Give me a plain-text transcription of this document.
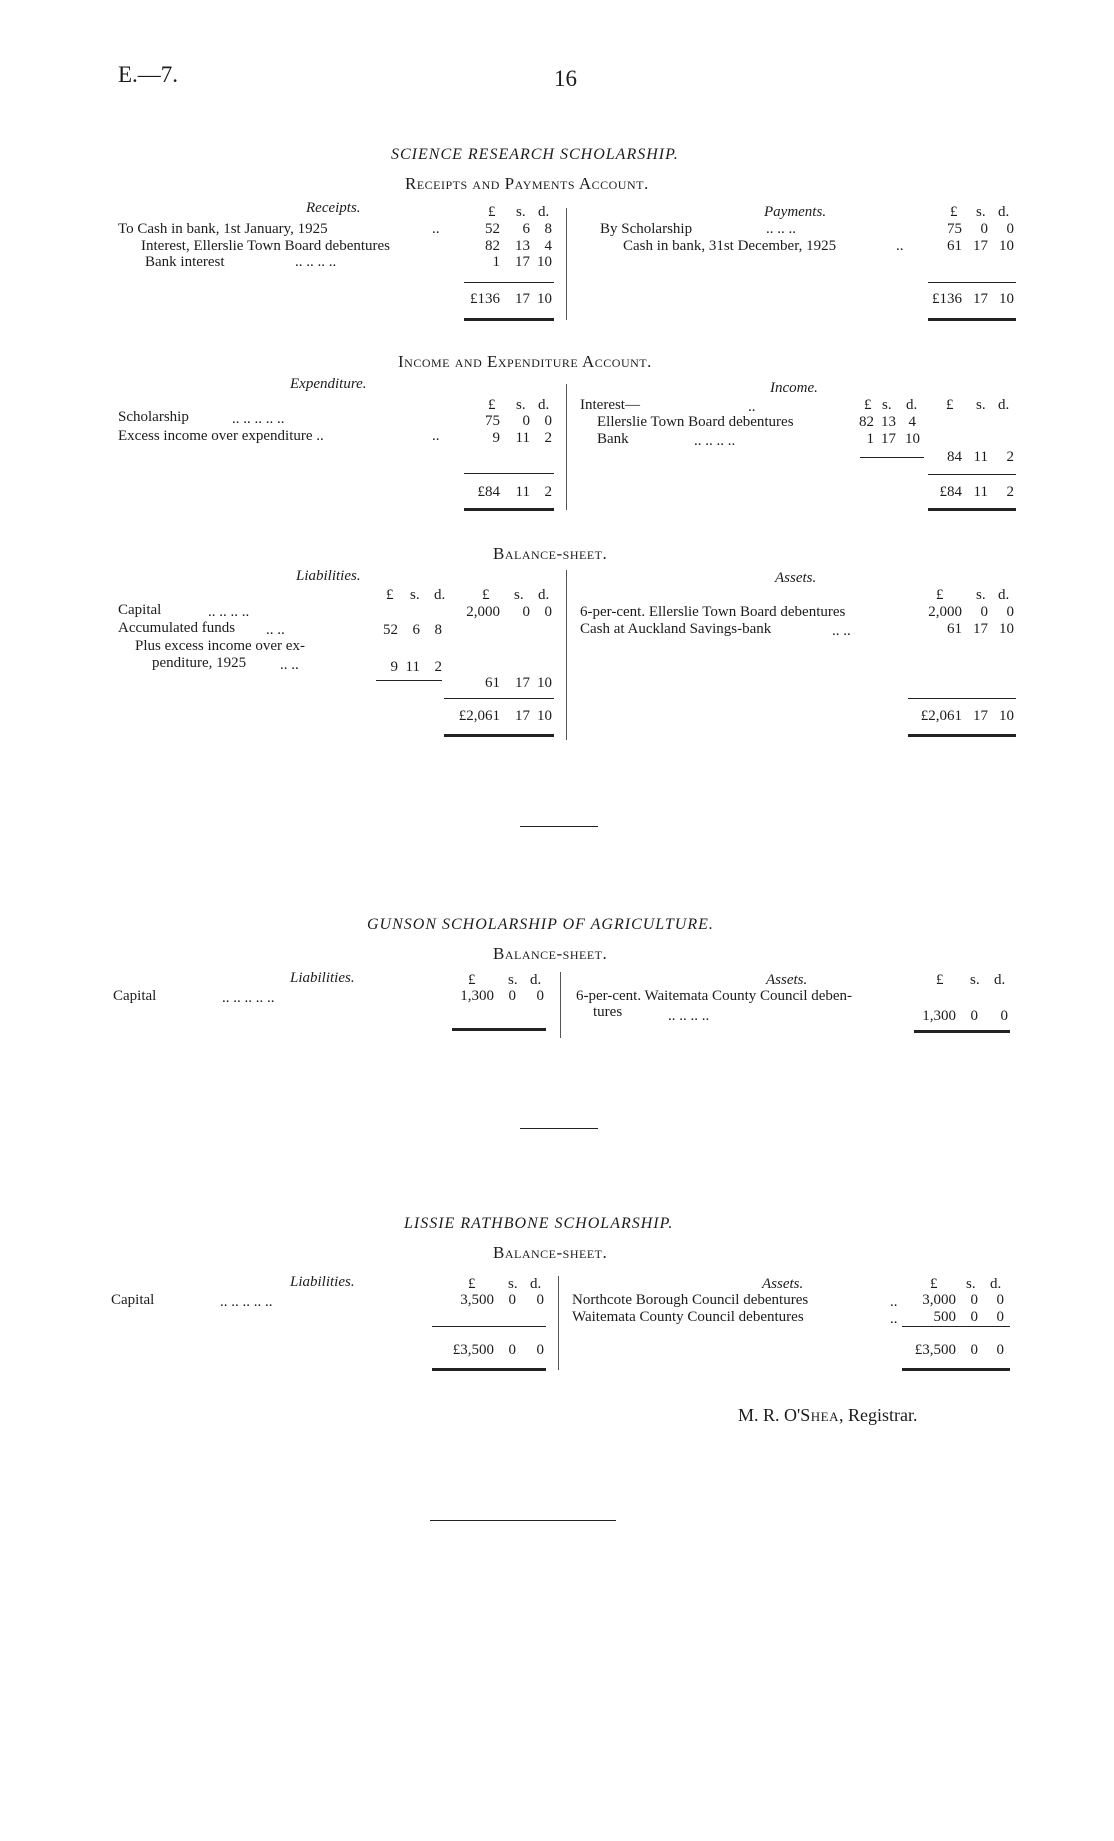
E.—7.	16
SCIENCE RESEARCH SCHOLARSHIP.
Receipts and Payments Account.
Receipts.	£ s. d.
To Cash in bank, 1st January, 1925	..	52	6 8
Interest, Ellerslie Town Board debentures	82	13 4
Bank interest	.. .. .. ..	1	17 10
£136	17 10
Payments.	£ s. d.
By Scholarship	.. .. ..	75	0	0
Cash in bank, 31st December, 1925	..	61 17 10
£136 17 10
Income and Expenditure Account.
Expenditure.
£ s. d.
Scholarship	.. .. .. .. ..	75	0 0
Excess income over expenditure ..	..	9	11 2
£84	11 2
Income.
£ s. d. £ s. d.
Interest—	..
Ellerslie Town Board debentures	82 13 4
Bank	.. .. .. ..	1 17 10
84 11	2
£84 11	2
Balance-sheet.
Liabilities.
£ s. d. £ s. d.
Capital	.. .. .. ..	2,000	0 0
Accumulated funds .. ..	52 6 8
Plus excess income over ex-
penditure, 1925 .. ..	9 11 2
61	17 10
£2,061	17 10
Assets.
£ s. d.
6-per-cent. Ellerslie Town Board debentures	2,000	0	0
Cash at Auckland Savings-bank	.. ..	61 17 10
£2,061 17 10
GUNSON SCHOLARSHIP OF AGRICULTURE.
Balance-sheet.
Liabilities.	£ s. d.
Capital	.. .. .. .. ..	1,300 0	0
Assets.	£ s. d.
6-per-cent. Waitemata County Council deben-
tures	.. .. .. ..	1,300 0	0
LISSIE RATHBONE SCHOLARSHIP.
Balance-sheet.
Liabilities.	£ s. d.
Capital	.. .. .. .. ..	3,500 0	0
£3,500 0	0
Assets.	£ s. d.
Northcote Borough Council debentures	..	3,000 0	0
Waitemata County Council debentures	..	500 0	0
£3,500 0	0
M. R. O'Shea, Registrar.
